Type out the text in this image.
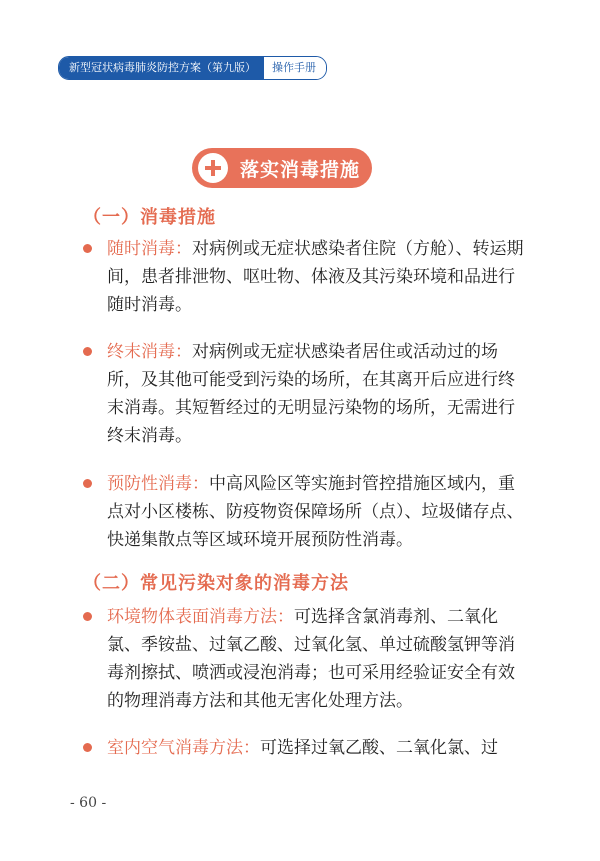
新型冠状病毒肺炎防控方案（第九版）	操作手册
落实消毒措施
（一）消毒措施
随时消毒：对病例或无症状感染者住院（方舱）、转运期间，患者排泄物、呕吐物、体液及其污染环境和品进行随时消毒。
终末消毒：对病例或无症状感染者居住或活动过的场所，及其他可能受到污染的场所，在其离开后应进行终末消毒。其短暂经过的无明显污染物的场所，无需进行终末消毒。
预防性消毒：中高风险区等实施封管控措施区域内，重点对小区楼栋、防疫物资保障场所（点）、垃圾储存点、快递集散点等区域环境开展预防性消毒。
（二）常见污染对象的消毒方法
环境物体表面消毒方法：可选择含氯消毒剂、二氧化氯、季铵盐、过氧乙酸、过氧化氢、单过硫酸氢钾等消毒剂擦拭、喷洒或浸泡消毒；也可采用经验证安全有效的物理消毒方法和其他无害化处理方法。
室内空气消毒方法：可选择过氧乙酸、二氧化氯、过
- 60 -
